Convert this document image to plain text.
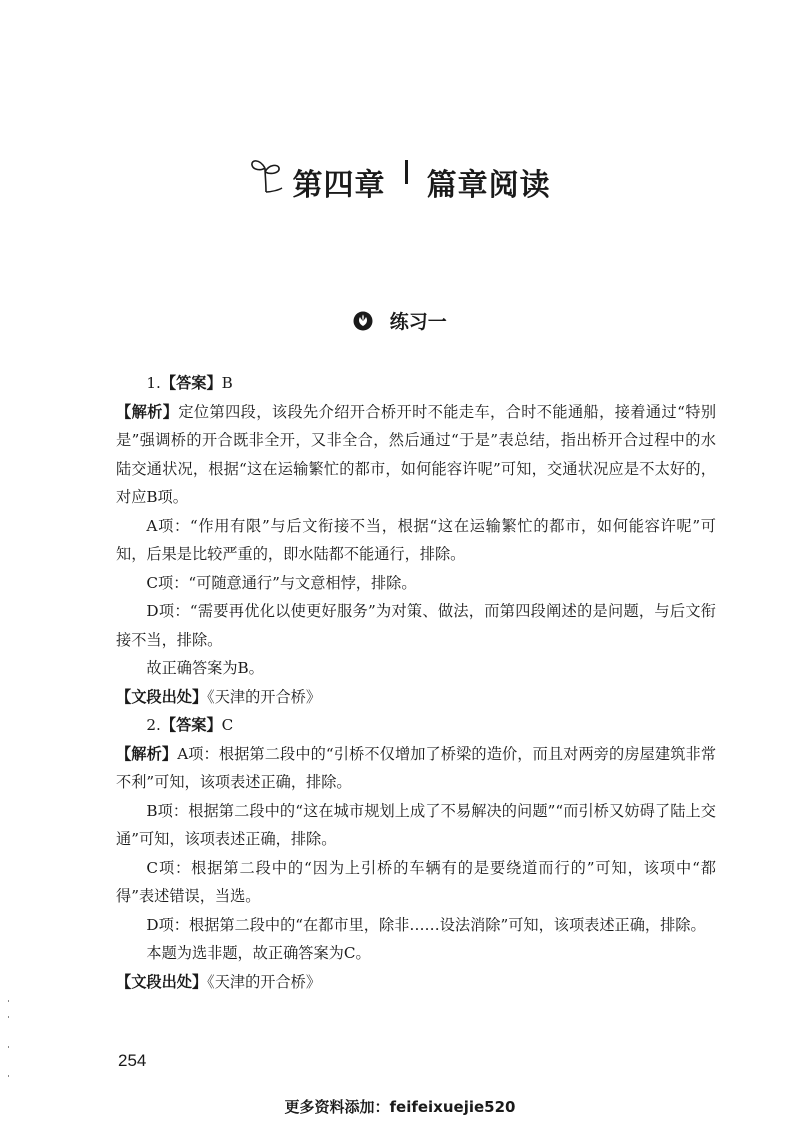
第四章 篇章阅读
练习一

1.【答案】B

【解析】定位第四段，该段先介绍开合桥开时不能走车，合时不能通船，接着通过“特别是”强调桥的开合既非全开，又非全合，然后通过“于是”表总结，指出桥开合过程中的水陆交通状况，根据“这在运输繁忙的都市，如何能容许呢”可知，交通状况应是不太好的，对应B项。

A项：“作用有限”与后文衔接不当，根据“这在运输繁忙的都市，如何能容许呢”可知，后果是比较严重的，即水陆都不能通行，排除。

C项：“可随意通行”与文意相悖，排除。

D项：“需要再优化以使更好服务”为对策、做法，而第四段阐述的是问题，与后文衔接不当，排除。

故正确答案为B。

【文段出处】《天津的开合桥》

2.【答案】C

【解析】A项：根据第二段中的“引桥不仅增加了桥梁的造价，而且对两旁的房屋建筑非常不利”可知，该项表述正确，排除。

B项：根据第二段中的“这在城市规划上成了不易解决的问题”“而引桥又妨碍了陆上交通”可知，该项表述正确，排除。

C项：根据第二段中的“因为上引桥的车辆有的是要绕道而行的”可知，该项中“都得”表述错误，当选。

D项：根据第二段中的“在都市里，除非……设法消除”可知，该项表述正确，排除。

本题为选非题，故正确答案为C。

【文段出处】《天津的开合桥》

254
更多资料添加：feifeixuejie520
